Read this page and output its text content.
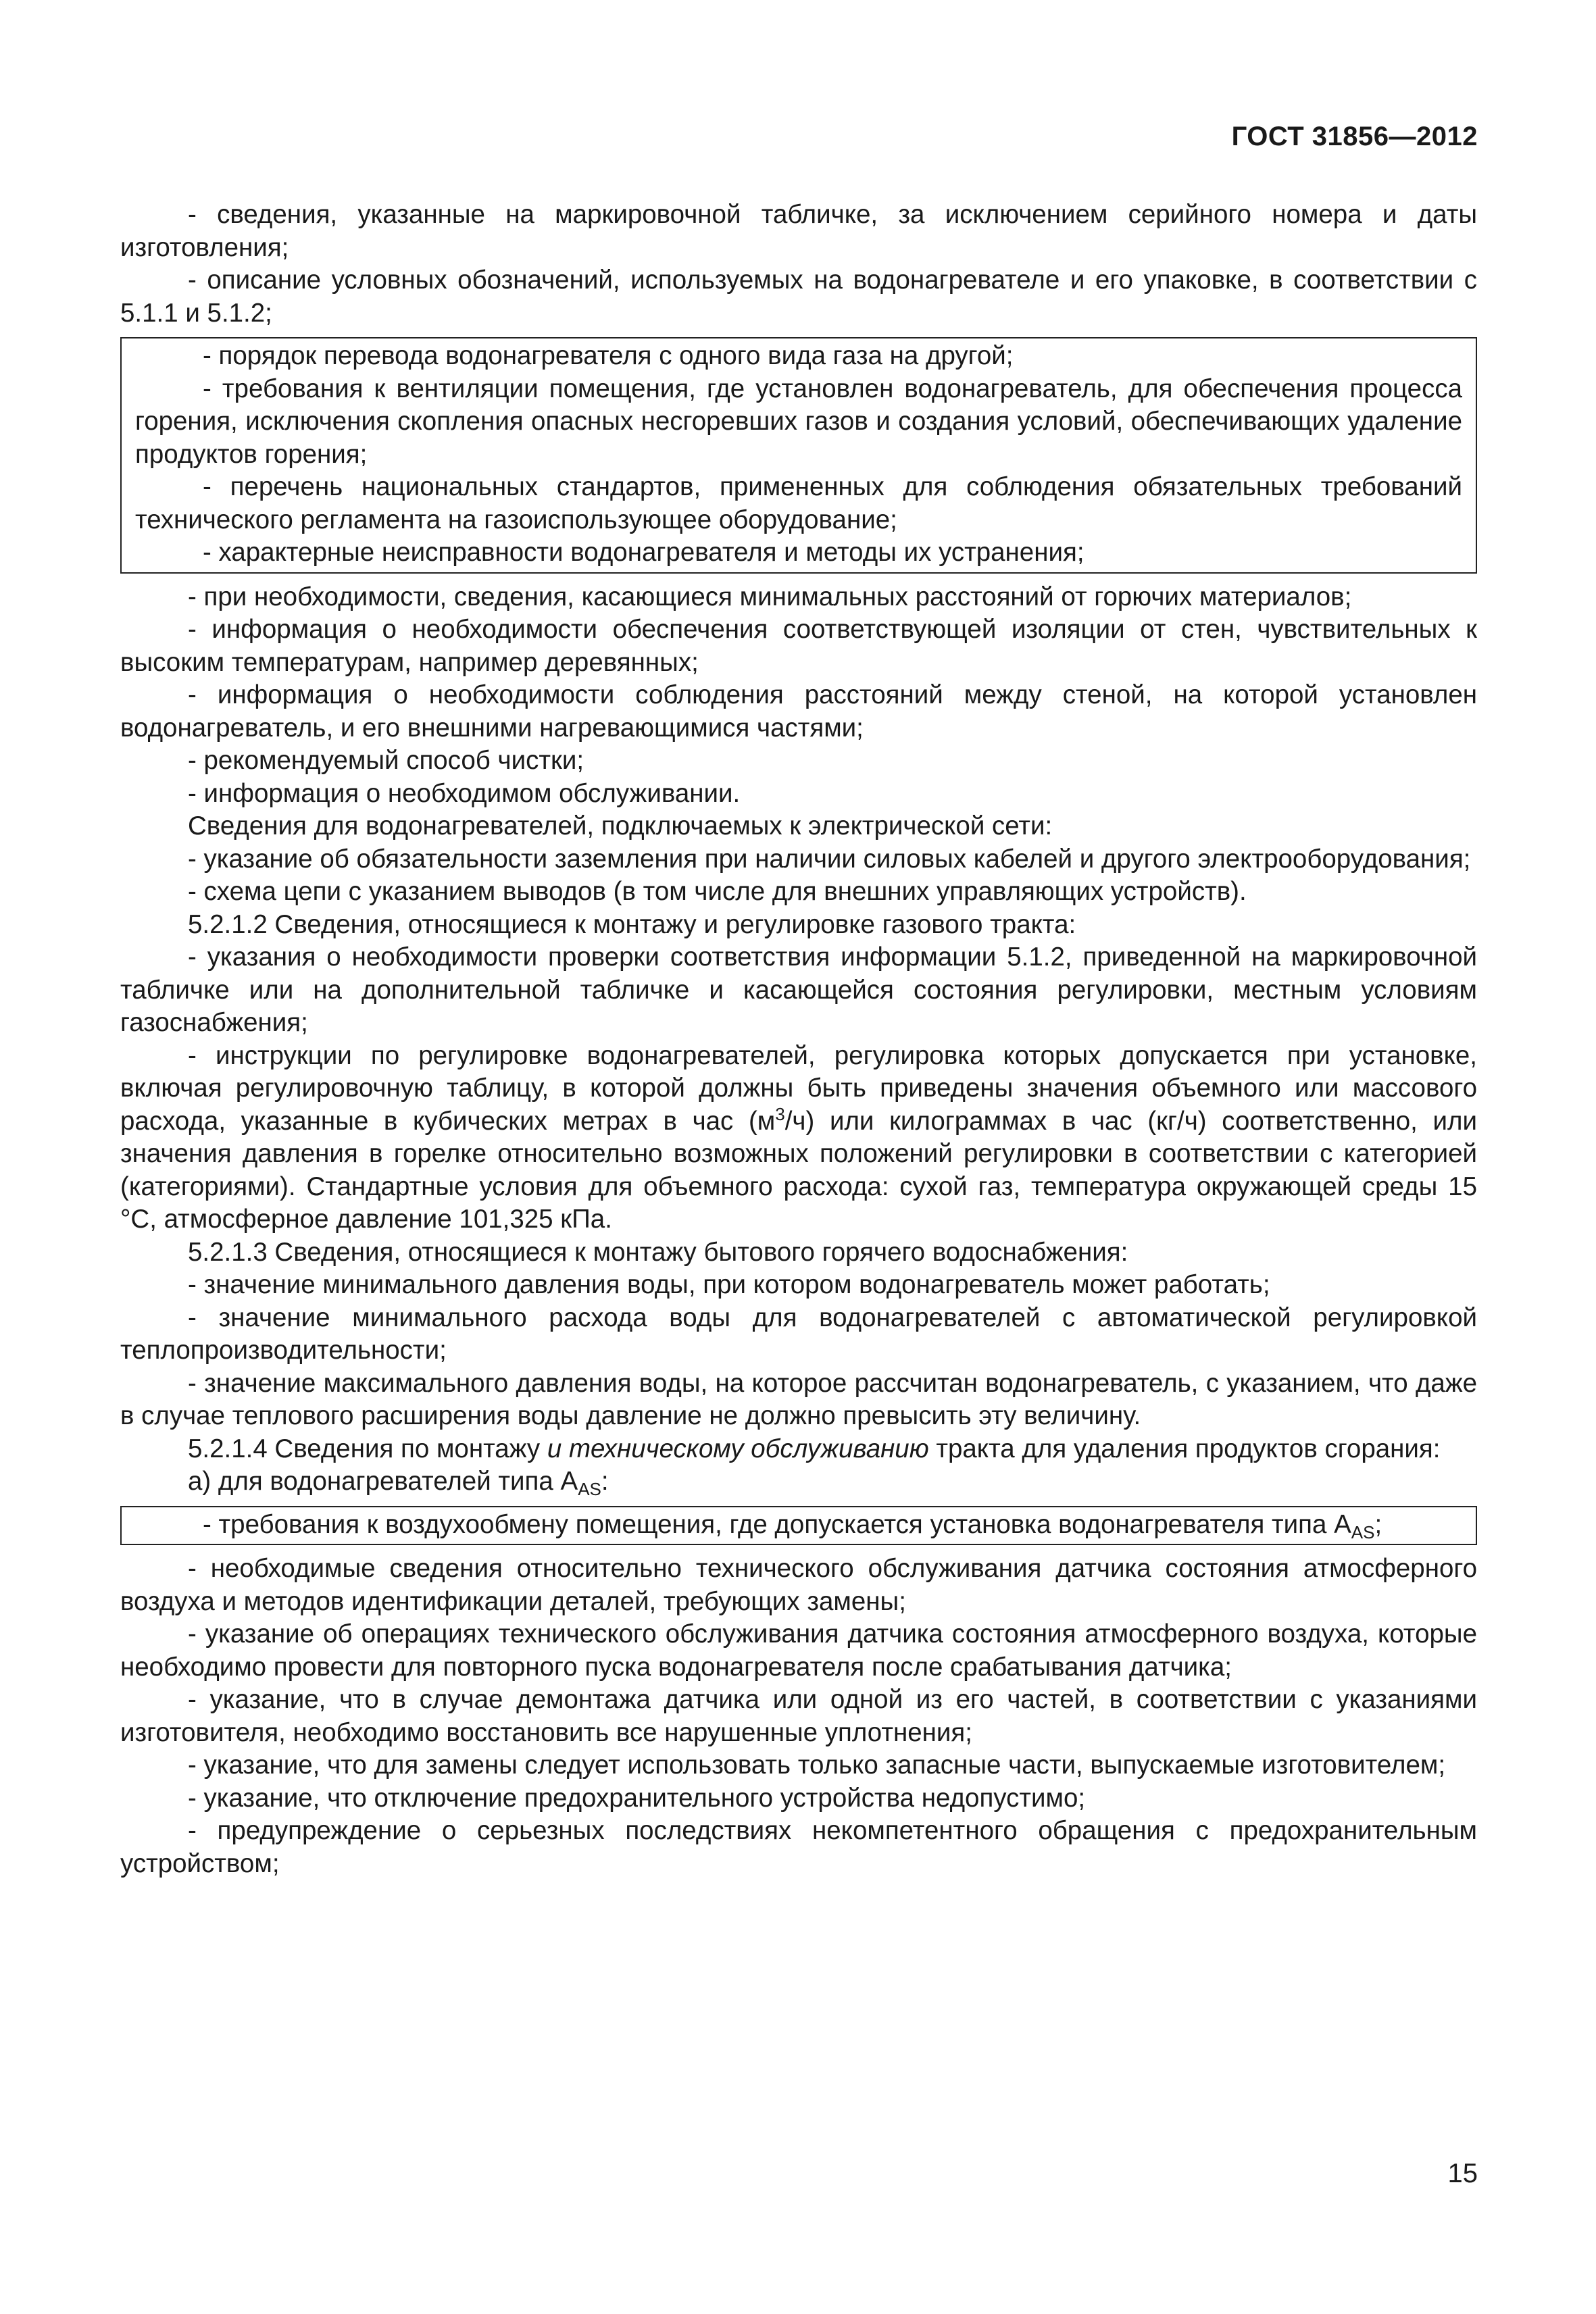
ГОСТ 31856—2012

- сведения, указанные на маркировочной табличке, за исключением серийного номера и даты изготовления;

- описание условных обозначений, используемых на водонагревателе и его упаковке, в соответствии с 5.1.1 и 5.1.2;

- порядок перевода водонагревателя с одного вида газа на другой;

- требования к вентиляции помещения, где установлен водонагреватель, для обеспечения процесса горения, исключения скопления опасных несгоревших газов и создания условий, обеспечивающих удаление продуктов горения;

- перечень национальных стандартов, примененных для соблюдения обязательных требований технического регламента на газоиспользующее оборудование;

- характерные неисправности водонагревателя и методы их устранения;

- при необходимости, сведения, касающиеся минимальных расстояний от горючих материалов;

- информация о необходимости обеспечения соответствующей изоляции от стен, чувствительных к высоким температурам, например деревянных;

- информация о необходимости соблюдения расстояний между стеной, на которой установлен водонагреватель, и его внешними нагревающимися частями;

- рекомендуемый способ чистки;

- информация о необходимом обслуживании.

Сведения для водонагревателей, подключаемых к электрической сети:

- указание об обязательности заземления при наличии силовых кабелей и другого электрооборудования;

- схема цепи с указанием выводов (в том числе для внешних управляющих устройств).

5.2.1.2 Сведения, относящиеся к монтажу и регулировке газового тракта:

- указания о необходимости проверки соответствия информации 5.1.2, приведенной на маркировочной табличке или на дополнительной табличке и касающейся состояния регулировки, местным условиям газоснабжения;

- инструкции по регулировке водонагревателей, регулировка которых допускается при установке, включая регулировочную таблицу, в которой должны быть приведены значения объемного или массового расхода, указанные в кубических метрах в час $(м^3/ч)$ или килограммах в час (кг/ч) соответственно, или значения давления в горелке относительно возможных положений регулировки в соответствии с категорией (категориями). Стандартные условия для объемного расхода: сухой газ, температура окружающей среды 15 °С, атмосферное давление 101,325 кПа.

5.2.1.3 Сведения, относящиеся к монтажу бытового горячего водоснабжения:

- значение минимального давления воды, при котором водонагреватель может работать;

- значение минимального расхода воды для водонагревателей с автоматической регулировкой теплопроизводительности;

- значение максимального давления воды, на которое рассчитан водонагреватель, с указанием, что даже в случае теплового расширения воды давление не должно превысить эту величину.

5.2.1.4 Сведения по монтажу и техническому обслуживанию тракта для удаления продуктов сгорания:

а) для водонагревателей типа $А_{AS}$:

- требования к воздухообмену помещения, где допускается установка водонагревателя типа $А_{AS}$;

- необходимые сведения относительно технического обслуживания датчика состояния атмосферного воздуха и методов идентификации деталей, требующих замены;

- указание об операциях технического обслуживания датчика состояния атмосферного воздуха, которые необходимо провести для повторного пуска водонагревателя после срабатывания датчика;

- указание, что в случае демонтажа датчика или одной из его частей, в соответствии с указаниями изготовителя, необходимо восстановить все нарушенные уплотнения;

- указание, что для замены следует использовать только запасные части, выпускаемые изготовителем;

- указание, что отключение предохранительного устройства недопустимо;

- предупреждение о серьезных последствиях некомпетентного обращения с предохранительным устройством;

15
